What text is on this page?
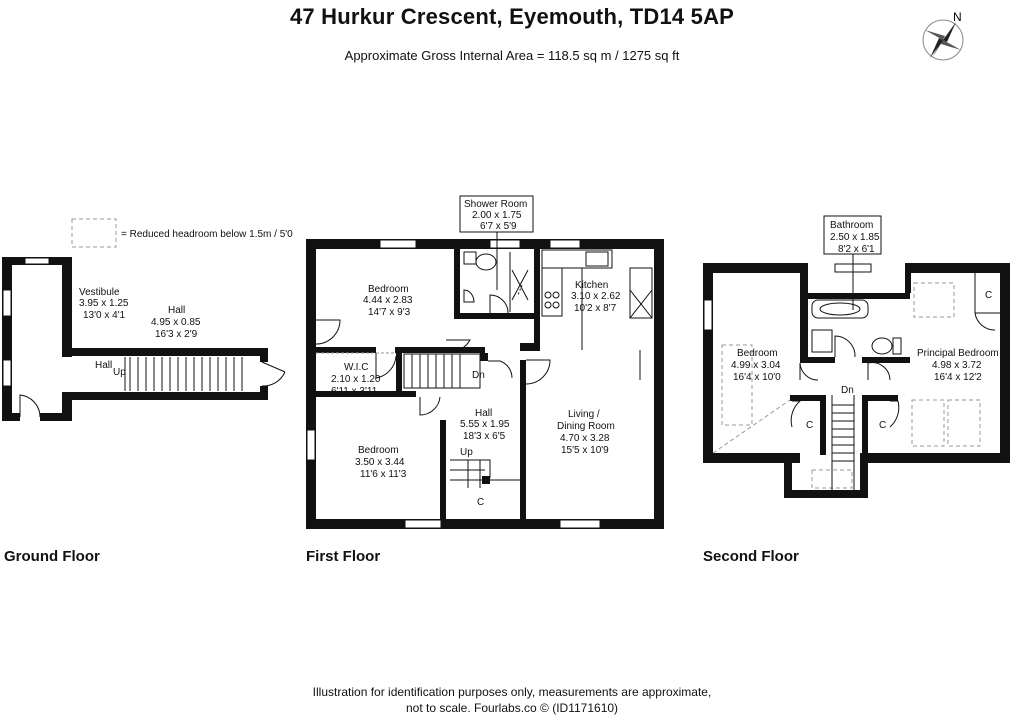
47 Hurkur Crescent, Eyemouth, TD14 5AP
Approximate Gross Internal Area = 118.5 sq m / 1275 sq ft
N
= Reduced headroom below 1.5m / 5'0
Vestibule
3.95 x 1.25
13'0 x 4'1	Hall
4.95 x 0.85
16'3 x 2'9
Hall
Up
Shower Room
2.00 x 1.75
6'7 x 5'9
Bedroom
4.44 x 2.83
14'7 x 9'3
Kitchen
3.10 x 2.62
10'2 x 8'7
W.I.C
2.10 x 1.20
6'11 x 3'11
Dn
Hall
5.55 x 1.95
18'3 x 6'5
Up
C
Living /
Dining Room
4.70 x 3.28
15'5 x 10'9
Bedroom
3.50 x 3.44
11'6 x 11'3
Bathroom
2.50 x 1.85
8'2 x 6'1
Bedroom
4.99 x 3.04
16'4 x 10'0
Principal Bedroom
4.98 x 3.72
16'4 x 12'2
Dn
C
C	C
Ground Floor	First Floor	Second Floor
Illustration for identification purposes only, measurements are approximate,
not to scale. Fourlabs.co © (ID1171610)
